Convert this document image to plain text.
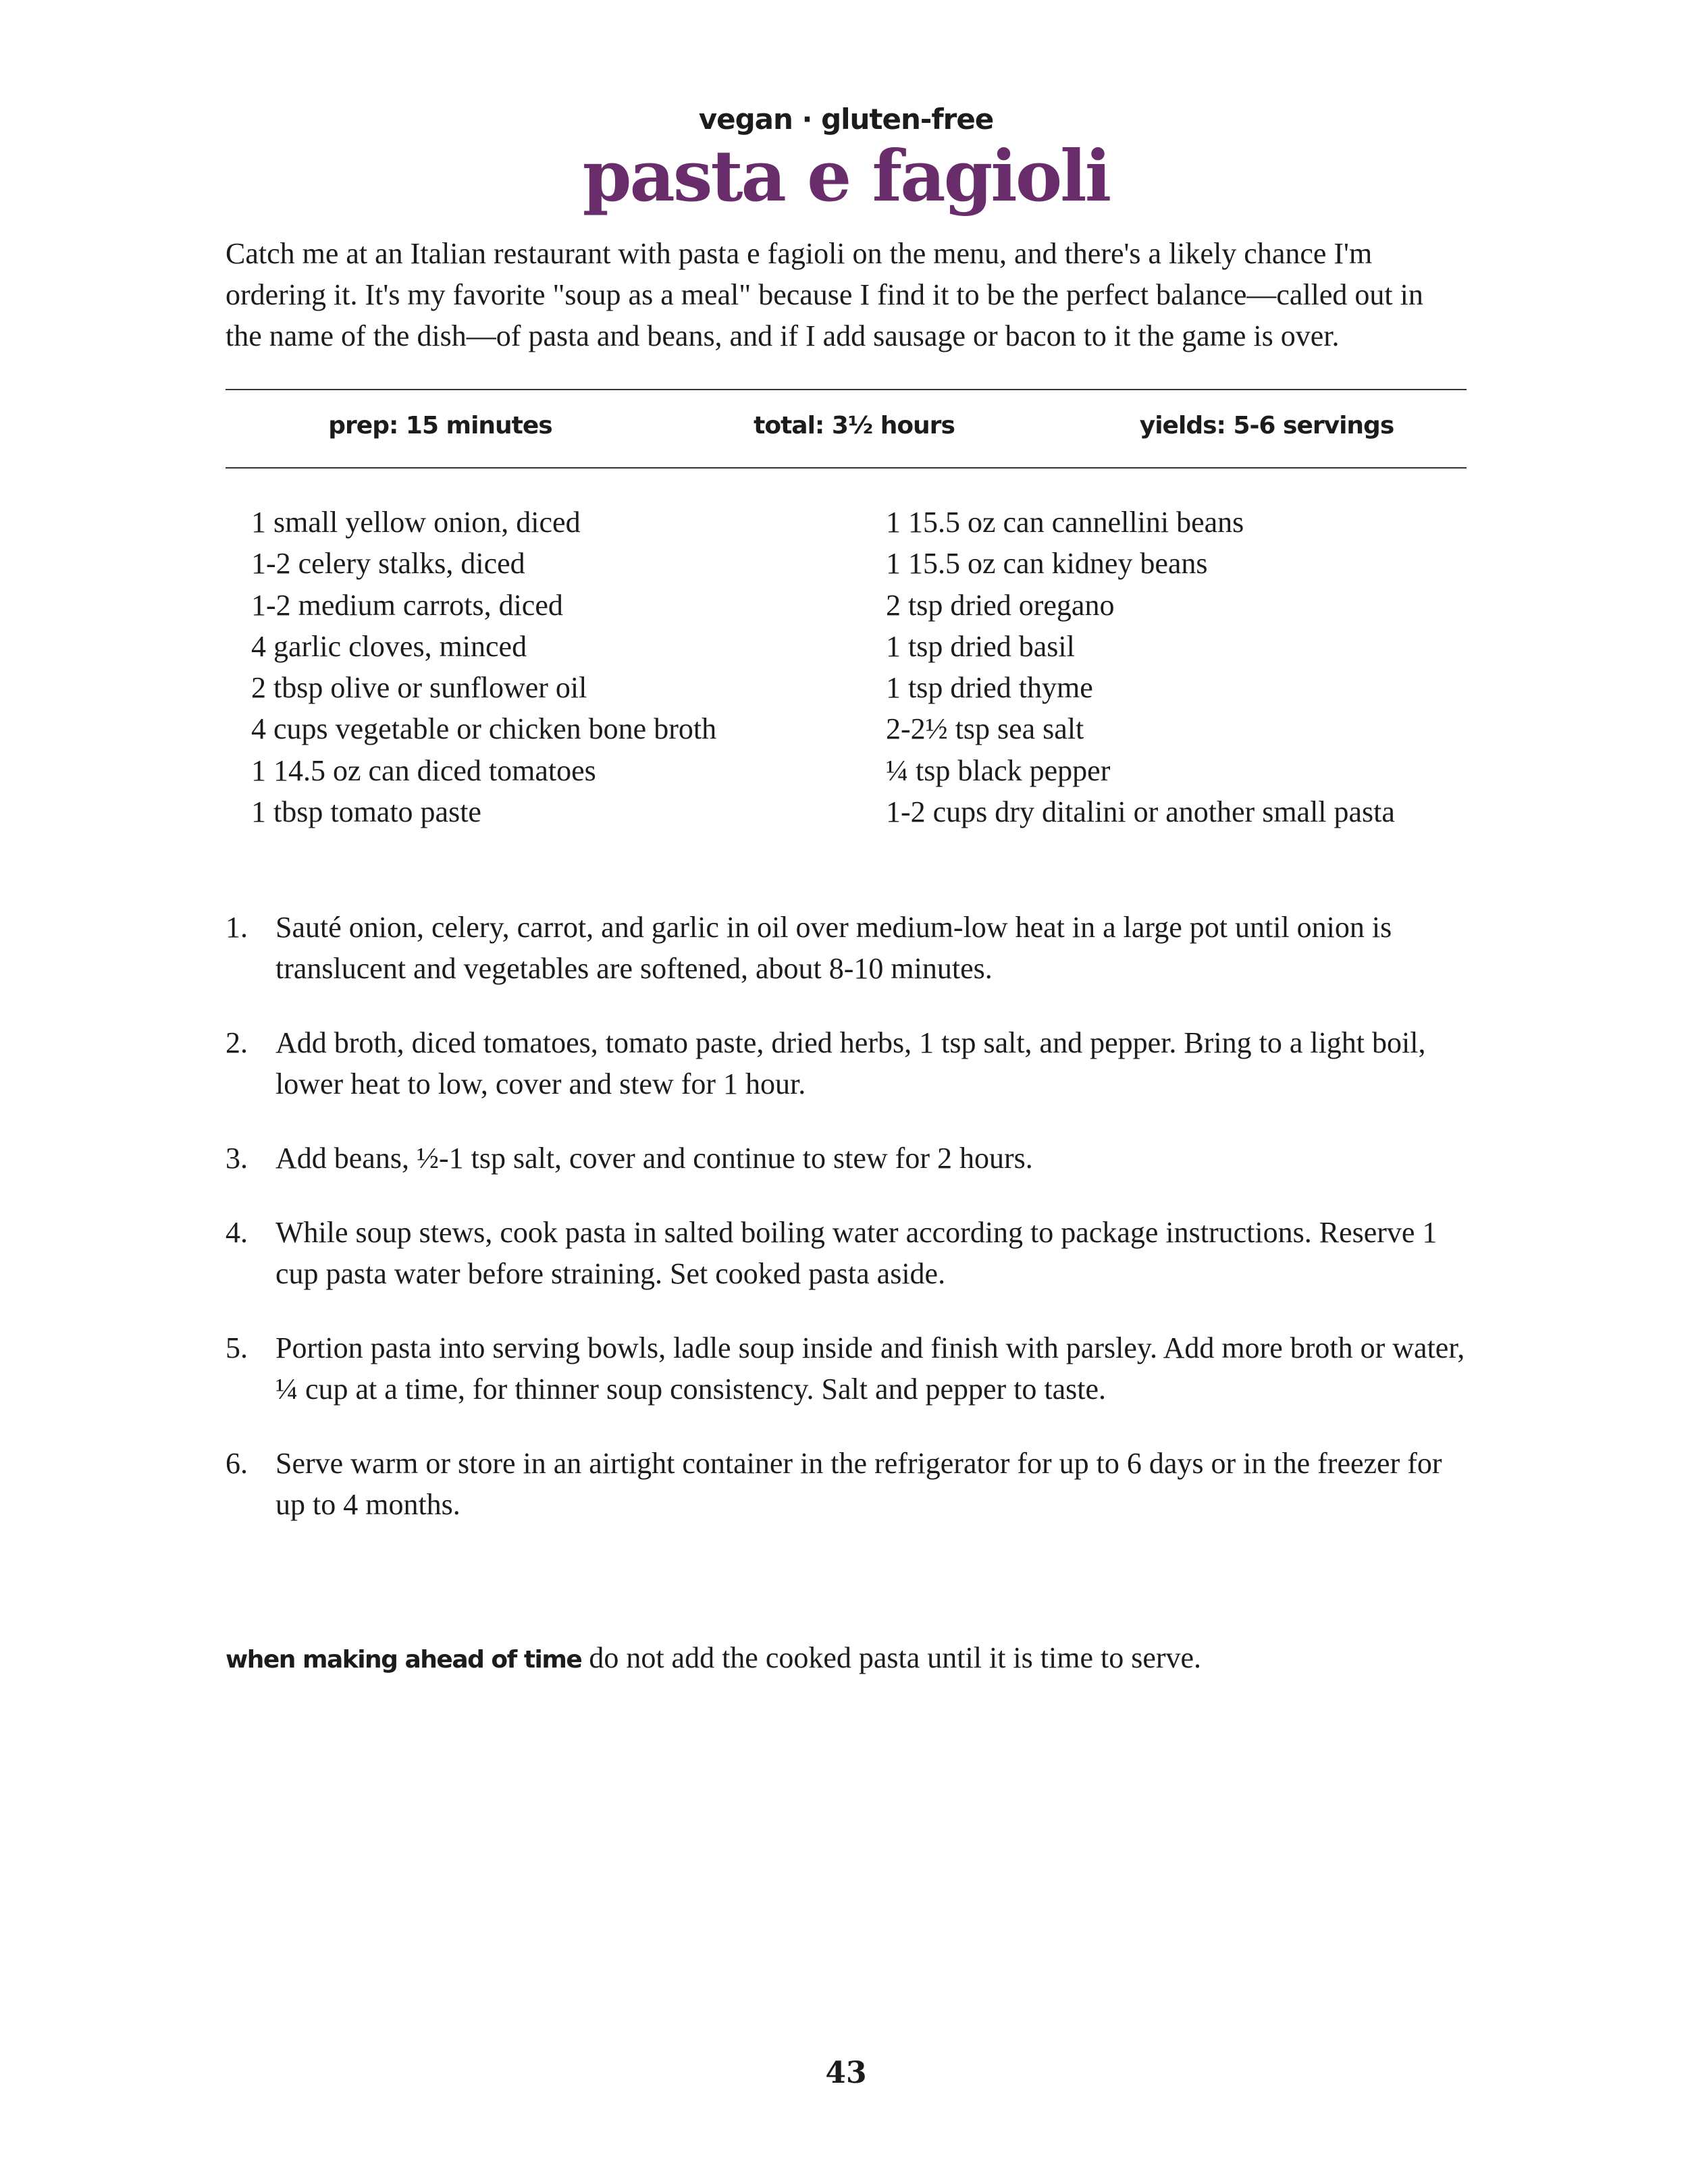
vegan · gluten-free
pasta e fagioli

Catch me at an Italian restaurant with pasta e fagioli on the menu, and there's a likely chance I'm ordering it. It's my favorite "soup as a meal" because I find it to be the perfect balance—called out in the name of the dish—of pasta and beans, and if I add sausage or bacon to it the game is over.

prep: 15 minutes	total: 3½ hours	yields: 5-6 servings
1 small yellow onion, diced
1-2 celery stalks, diced
1-2 medium carrots, diced
4 garlic cloves, minced
2 tbsp olive or sunflower oil
4 cups vegetable or chicken bone broth
1 14.5 oz can diced tomatoes
1 tbsp tomato paste
1 15.5 oz can cannellini beans
1 15.5 oz can kidney beans
2 tsp dried oregano
1 tsp dried basil
1 tsp dried thyme
2-2½ tsp sea salt
¼ tsp black pepper
1-2 cups dry ditalini or another small pasta
1. Sauté onion, celery, carrot, and garlic in oil over medium-low heat in a large pot until onion is translucent and vegetables are softened, about 8-10 minutes.
2. Add broth, diced tomatoes, tomato paste, dried herbs, 1 tsp salt, and pepper. Bring to a light boil, lower heat to low, cover and stew for 1 hour.
3. Add beans, ½-1 tsp salt, cover and continue to stew for 2 hours.
4. While soup stews, cook pasta in salted boiling water according to package instructions. Reserve 1 cup pasta water before straining. Set cooked pasta aside.
5. Portion pasta into serving bowls, ladle soup inside and finish with parsley. Add more broth or water, ¼ cup at a time, for thinner soup consistency. Salt and pepper to taste.
6. Serve warm or store in an airtight container in the refrigerator for up to 6 days or in the freezer for up to 4 months.
when making ahead of time do not add the cooked pasta until it is time to serve.
43
